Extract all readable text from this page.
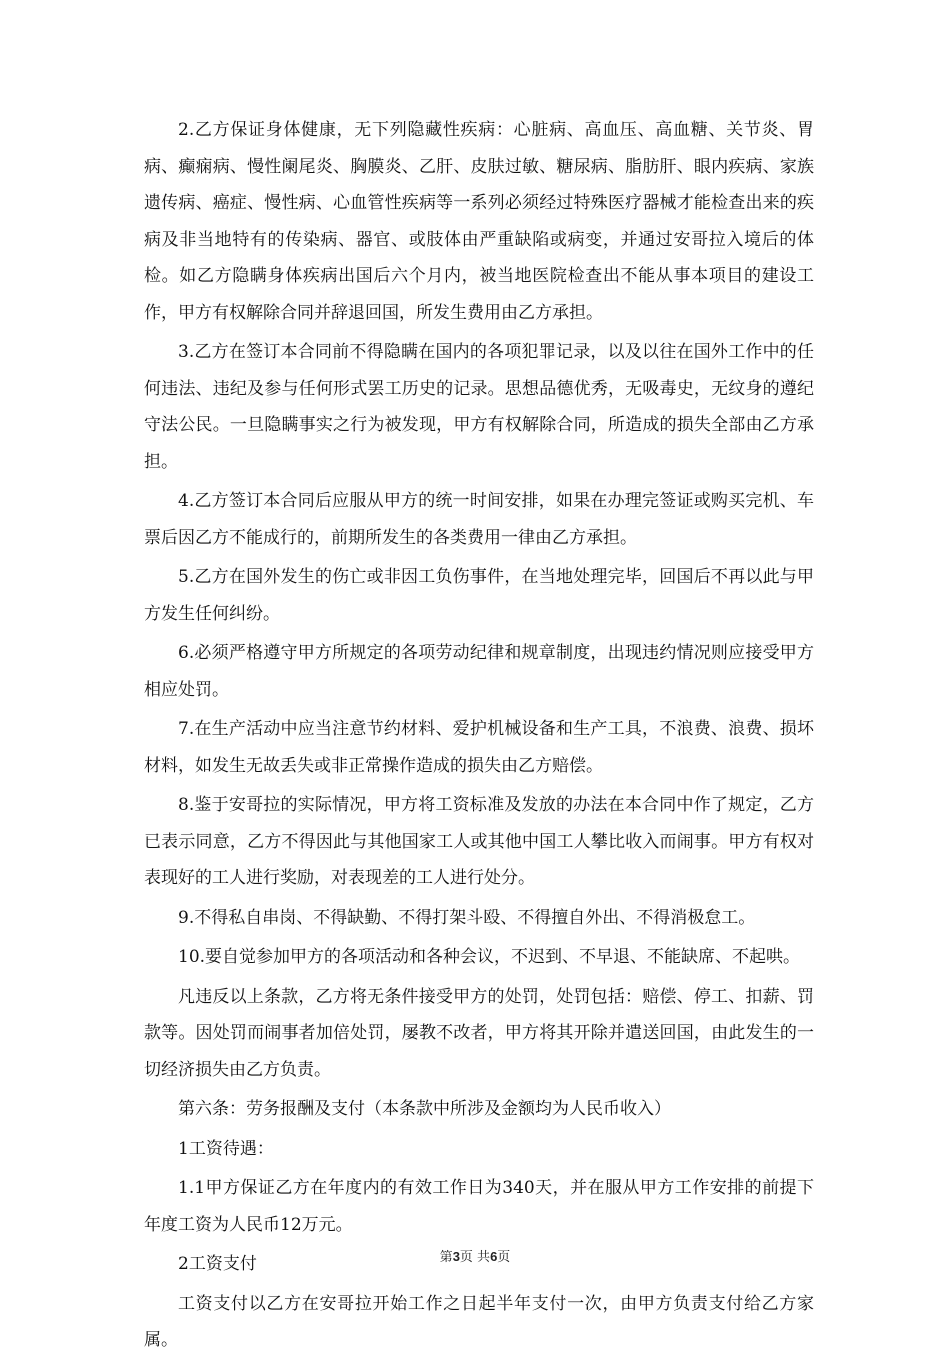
2.乙方保证身体健康，无下列隐藏性疾病：心脏病、高血压、高血糖、关节炎、胃病、癫痫病、慢性阑尾炎、胸膜炎、乙肝、皮肤过敏、糖尿病、脂肪肝、眼内疾病、家族遗传病、癌症、慢性病、心血管性疾病等一系列必须经过特殊医疗器械才能检查出来的疾病及非当地特有的传染病、器官、或肢体由严重缺陷或病变，并通过安哥拉入境后的体检。如乙方隐瞒身体疾病出国后六个月内，被当地医院检查出不能从事本项目的建设工作，甲方有权解除合同并辞退回国，所发生费用由乙方承担。

3.乙方在签订本合同前不得隐瞒在国内的各项犯罪记录，以及以往在国外工作中的任何违法、违纪及参与任何形式罢工历史的记录。思想品德优秀，无吸毒史，无纹身的遵纪守法公民。一旦隐瞒事实之行为被发现，甲方有权解除合同，所造成的损失全部由乙方承担。

4.乙方签订本合同后应服从甲方的统一时间安排，如果在办理完签证或购买完机、车票后因乙方不能成行的，前期所发生的各类费用一律由乙方承担。

5.乙方在国外发生的伤亡或非因工负伤事件，在当地处理完毕，回国后不再以此与甲方发生任何纠纷。

6.必须严格遵守甲方所规定的各项劳动纪律和规章制度，出现违约情况则应接受甲方相应处罚。

7.在生产活动中应当注意节约材料、爱护机械设备和生产工具，不浪费、浪费、损坏材料，如发生无故丢失或非正常操作造成的损失由乙方赔偿。

8.鉴于安哥拉的实际情况，甲方将工资标准及发放的办法在本合同中作了规定，乙方已表示同意，乙方不得因此与其他国家工人或其他中国工人攀比收入而闹事。甲方有权对表现好的工人进行奖励，对表现差的工人进行处分。

9.不得私自串岗、不得缺勤、不得打架斗殴、不得擅自外出、不得消极怠工。

10.要自觉参加甲方的各项活动和各种会议，不迟到、不早退、不能缺席、不起哄。

凡违反以上条款，乙方将无条件接受甲方的处罚，处罚包括：赔偿、停工、扣薪、罚款等。因处罚而闹事者加倍处罚，屡教不改者，甲方将其开除并遣送回国，由此发生的一切经济损失由乙方负责。

第六条：劳务报酬及支付（本条款中所涉及金额均为人民币收入）

1工资待遇：

1.1甲方保证乙方在年度内的有效工作日为340天，并在服从甲方工作安排的前提下年度工资为人民币12万元。

2工资支付

工资支付以乙方在安哥拉开始工作之日起半年支付一次，由甲方负责支付给乙方家属。

第3页 共6页
